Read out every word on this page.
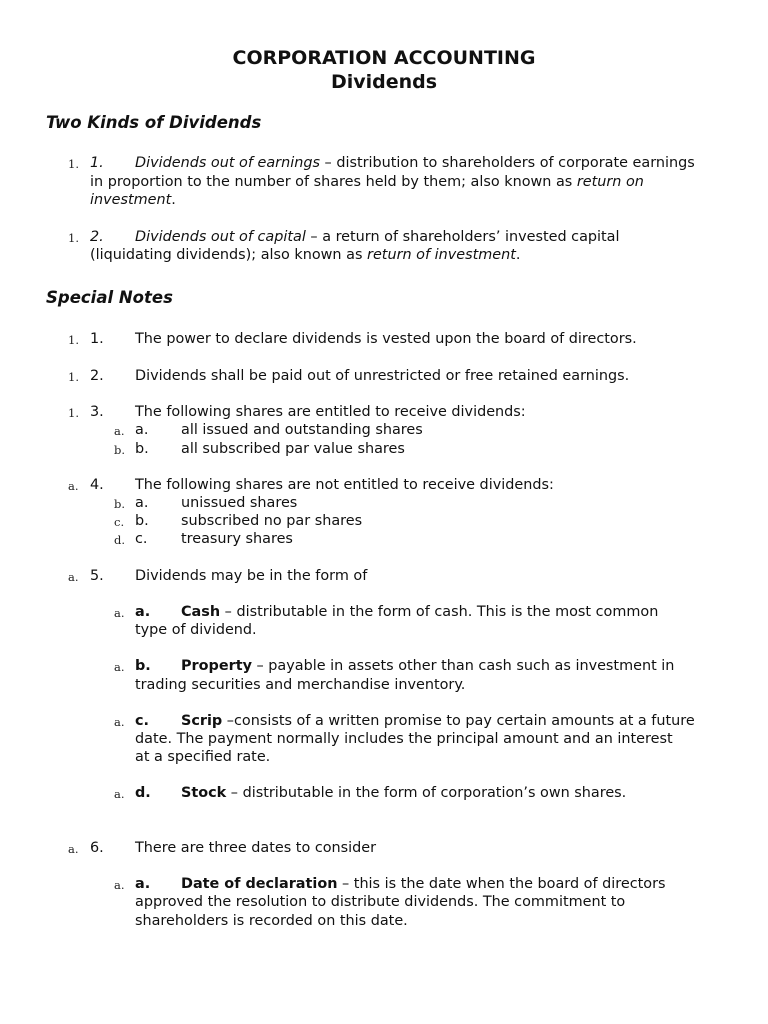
CORPORATION ACCOUNTING
Dividends
Two Kinds of Dividends
1. 1. Dividends out of earnings – distribution to shareholders of corporate earnings
in proportion to the number of shares held by them; also known as return on
investment.
1. 2. Dividends out of capital – a return of shareholders’ invested capital
(liquidating dividends); also known as return of investment.
Special Notes
1. 1. The power to declare dividends is vested upon the board of directors.
1. 2. Dividends shall be paid out of unrestricted or free retained earnings.
1. 3. The following shares are entitled to receive dividends:
a. a. all issued and outstanding shares
b. b. all subscribed par value shares
a. 4. The following shares are not entitled to receive dividends:
b. a. unissued shares
c. b. subscribed no par shares
d. c. treasury shares
a. 5. Dividends may be in the form of
a. a. Cash – distributable in the form of cash. This is the most common
type of dividend.
a. b. Property – payable in assets other than cash such as investment in
trading securities and merchandise inventory.
a. c. Scrip –consists of a written promise to pay certain amounts at a future
date. The payment normally includes the principal amount and an interest
at a specified rate.
a. d. Stock – distributable in the form of corporation’s own shares.
a. 6. There are three dates to consider
a. a. Date of declaration – this is the date when the board of directors
approved the resolution to distribute dividends. The commitment to
shareholders is recorded on this date.
